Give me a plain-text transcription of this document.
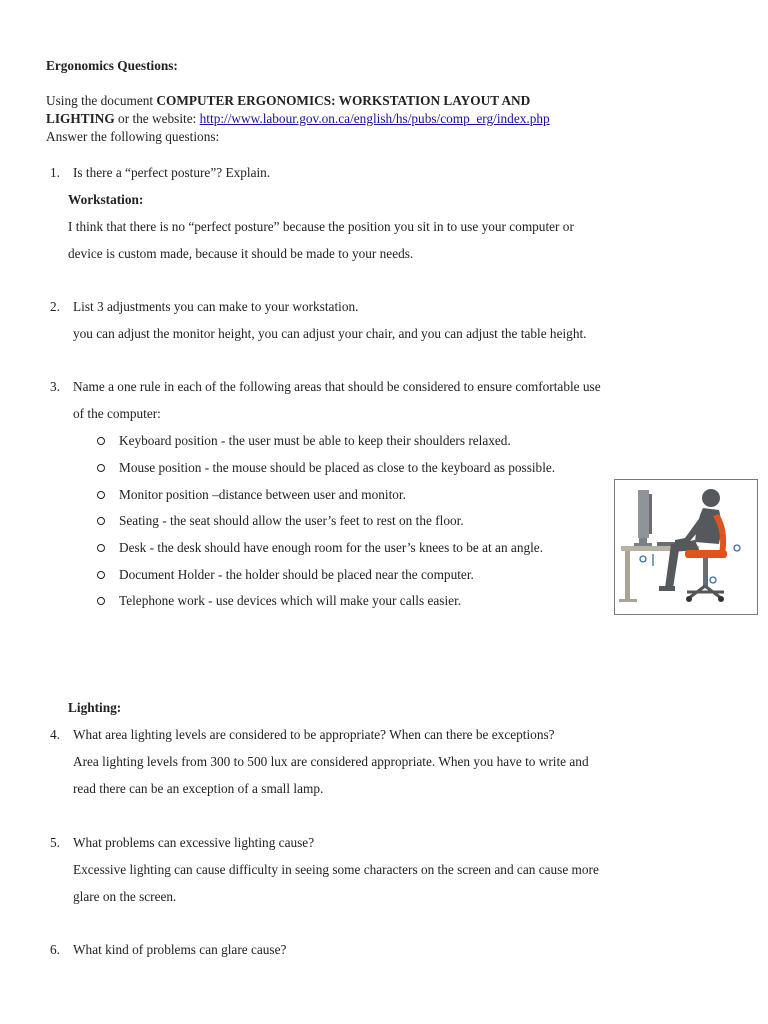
Ergonomics Questions:
Using the document COMPUTER ERGONOMICS: WORKSTATION LAYOUT AND
LIGHTING or the website: http://www.labour.gov.on.ca/english/hs/pubs/comp_erg/index.php
Answer the following questions:
1. Is there a “perfect posture”? Explain.
Workstation:
I think that there is no “perfect posture” because the position you sit in to use your computer or
device is custom made, because it should be made to your needs.
2. List 3 adjustments you can make to your workstation.
you can adjust the monitor height, you can adjust your chair, and you can adjust the table height.
3. Name a one rule in each of the following areas that should be considered to ensure comfortable use
of the computer:
Keyboard position - the user must be able to keep their shoulders relaxed.
Mouse position - the mouse should be placed as close to the keyboard as possible.
Monitor position –distance between user and monitor.
Seating - the seat should allow the user’s feet to rest on the floor.
Desk - the desk should have enough room for the user’s knees to be at an angle.
Document Holder - the holder should be placed near the computer.
Telephone work - use devices which will make your calls easier.
Lighting:
4. What area lighting levels are considered to be appropriate? When can there be exceptions?
Area lighting levels from 300 to 500 lux are considered appropriate. When you have to write and
read there can be an exception of a small lamp.
5. What problems can excessive lighting cause?
Excessive lighting can cause difficulty in seeing some characters on the screen and can cause more
glare on the screen.
6. What kind of problems can glare cause?
